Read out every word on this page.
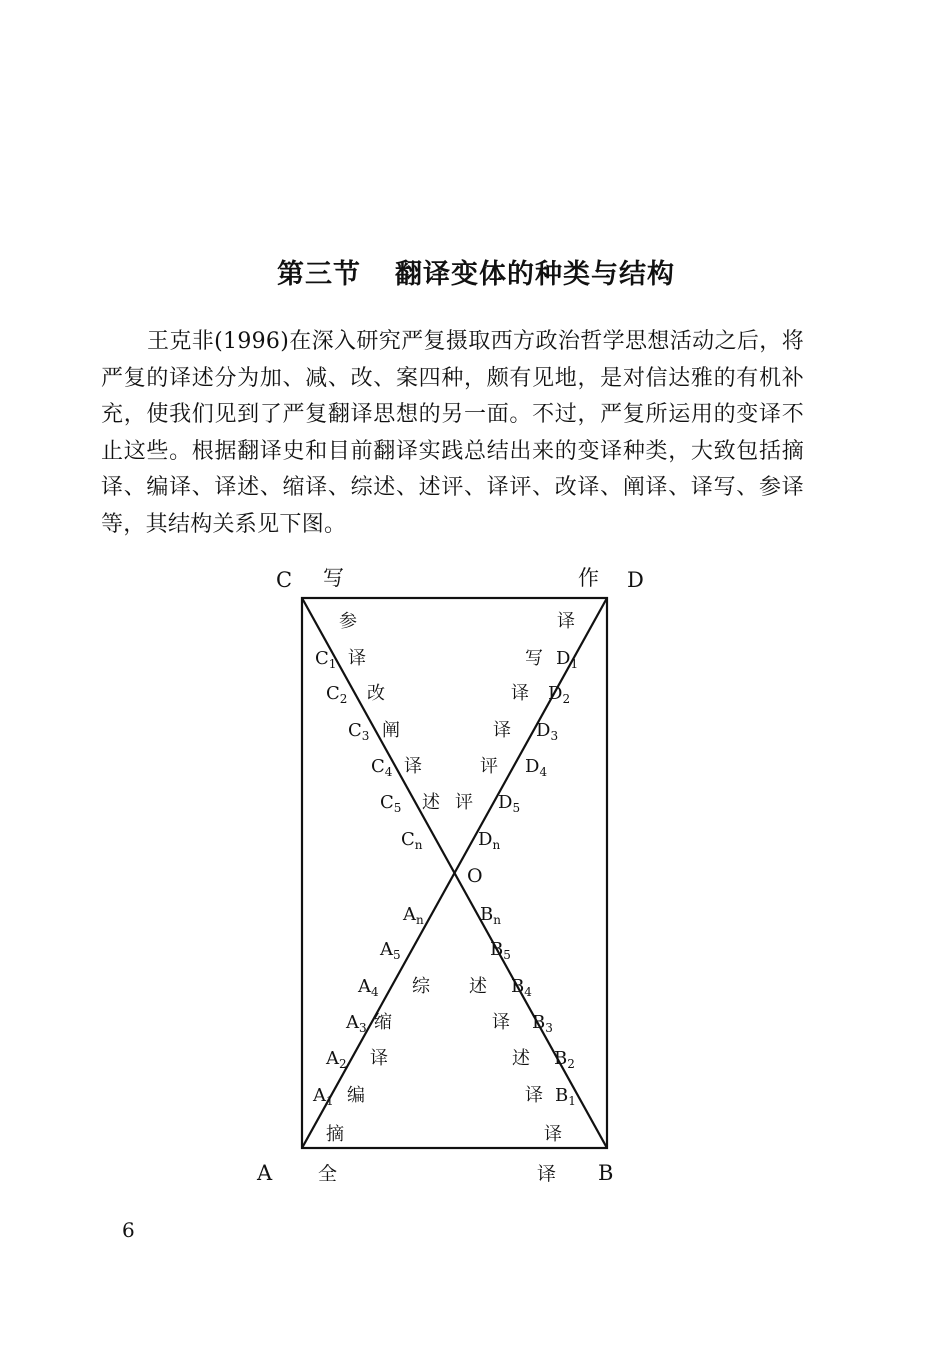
第三节 翻译变体的种类与结构

王克非(1996)在深入研究严复摄取西方政治哲学思想活动之后，将严复的译述分为加、减、改、案四种，颇有见地，是对信达雅的有机补充，使我们见到了严复翻译思想的另一面。不过，严复所运用的变译不止这些。根据翻译史和目前翻译实践总结出来的变译种类，大致包括摘译、编译、译述、缩译、综述、述评、译评、改译、阐译、译写、参译等，其结构关系见下图。

C	D
A	B
O
写	作
全	译
参
$C_1$
$C_2$
$C_3$
$C_4$
$C_5$
$C_n$
译
改
阐
译
述 评
译
写
译
译
评
$D_1$
$D_2$
$D_3$
$D_4$
$D_5$
$D_n$
$A_n$
$A_5$
$A_4$
$A_3$
$A_2$
$A_1$
综
缩
译
编
摘
$B_n$
$B_5$
$B_4$
$B_3$
$B_2$
$B_1$
述
译
述
译
译
6
